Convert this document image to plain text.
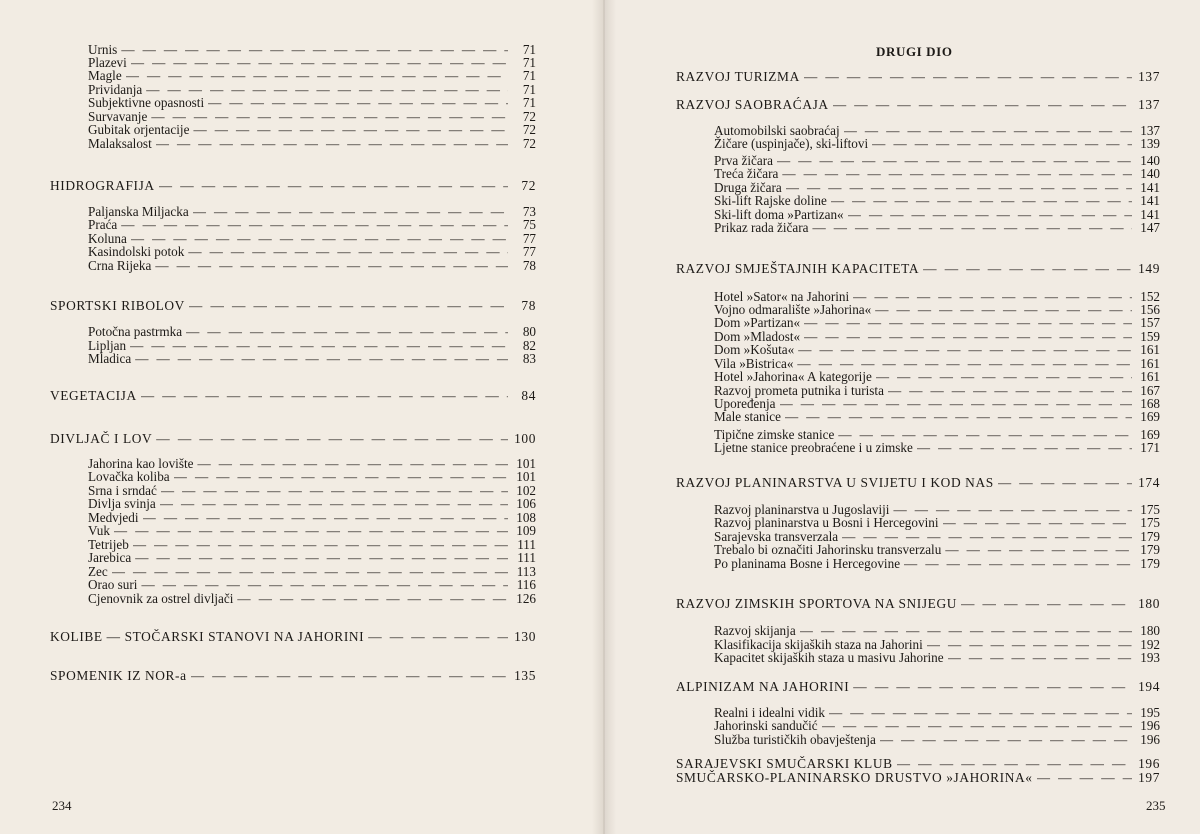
DRUGI DIO
Urnis — — —	71
Plazevi — — —	71
Magle — — —	71
Prividanja — — —	71
Subjektivne opasnosti — — —	71
Survavanje — — —	72
Gubitak orjentacije — — —	72
Malaksalost — — —	72
HIDROGRAFIJA — — —	72
Paljanska Miljacka — — —	73
Praća — — —	75
Koluna — — —	77
Kasindolski potok — — —	77
Crna Rijeka — — —	78
SPORTSKI RIBOLOV — — —	78
Potočna pastrmka — — —	80
Lipljan — — —	82
Mladica — — —	83
VEGETACIJA — — —	84
DIVLJAČ I LOV — — —	100
Jahorina kao lovište — — —	101
Lovačka koliba — — —	101
Srna i srndać — — —	102
Divlja svinja — — —	106
Medvjedi — — —	108
Vuk — — —	109
Tetrijeb — — —	111
Jarebica — — —	111
Zec — — —	113
Orao suri — — —	116
Cjenovnik za ostrel divljači — — —	126
KOLIBE — STOČARSKI STANOVI NA JAHORINI — — —	130
SPOMENIK IZ NOR-a — — —	135
RAZVOJ TURIZMA — — —	137
RAZVOJ SAOBRAĆAJA — — —	137
Automobilski saobraćaj — — —	137
Žičare (uspinjače), ski-liftovi — — —	139
Prva žičara — — —	140
Treća žičara — — —	140
Druga žičara — — —	141
Ski-lift Rajske doline — — —	141
Ski-lift doma »Partizan« — — —	141
Prikaz rada žičara — — —	147
RAZVOJ SMJEŠTAJNIH KAPACITETA — — —	149
Hotel »Sator« na Jahorini — — —	152
Vojno odmaralište »Jahorina« — — —	156
Dom »Partizan« — — —	157
Dom »Mladost« — — —	159
Dom »Košuta« — — —	161
Vila »Bistrica« — — —	161
Hotel »Jahorina« A kategorije — — —	161
Razvoj prometa putnika i turista — — —	167
Upoređenja — — —	168
Male stanice — — —	169
Tipične zimske stanice — — —	169
Ljetne stanice preobraćene i u zimske — — —	171
RAZVOJ PLANINARSTVA U SVIJETU I KOD NAS — — —	174
Razvoj planinarstva u Jugoslaviji — — —	175
Razvoj planinarstva u Bosni i Hercegovini — — —	175
Sarajevska transverzala — — —	179
Trebalo bi označiti Jahorinsku transverzalu — — —	179
Po planinama Bosne i Hercegovine — — —	179
RAZVOJ ZIMSKIH SPORTOVA NA SNIJEGU — — —	180
Razvoj skijanja — — —	180
Klasifikacija skijaških staza na Jahorini — — —	192
Kapacitet skijaških staza u masivu Jahorine — — —	193
ALPINIZAM NA JAHORINI — — —	194
Realni i idealni vidik — — —	195
Jahorinski sandučić — — —	196
Služba turističkih obavještenja — — —	196
SARAJEVSKI SMUČARSKI KLUB — — —	196
SMUČARSKO-PLANINARSKO DRUSTVO »JAHORINA« — — —	197
234	235
